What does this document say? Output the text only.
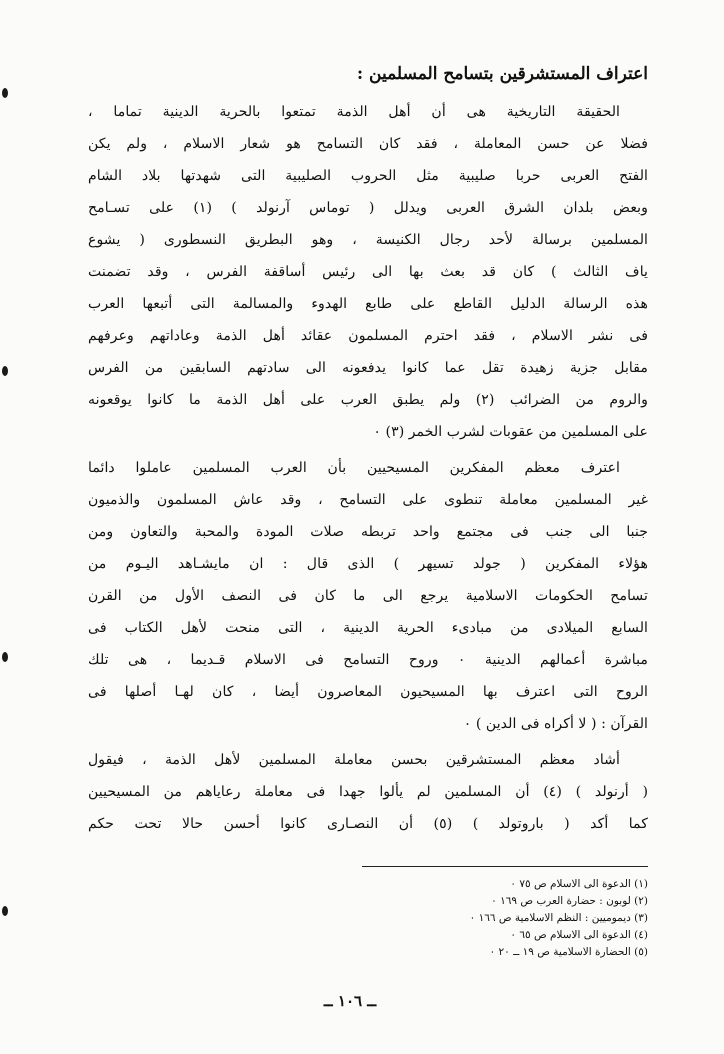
اعتراف المستشرقين بتسامح المسلمين :
الحقيقة التاريخية هى أن أهل الذمة تمتعوا بالحرية الدينية تماما ،
فضلا عن حسن المعاملة ، فقد كان التسامح هو شعار الاسلام ، ولم يكن
الفتح العربى حربا صليبية مثل الحروب الصليبية التى شهدتها بلاد الشام
وبعض بلدان الشرق العربى ويدلل ( توماس آرنولد ) (١) على تسـامح
المسلمين برسالة لأحد رجال الكنيسة ، وهو البطريق النسطورى ( يشوع
ياف الثالث ) كان قد بعث بها الى رئيس أساقفة الفرس ، وقد تضمنت
هذه الرسالة الدليل القاطع على طابع الهدوء والمسالمة التى أتبعها العرب
فى نشر الاسلام ، فقد احترم المسلمون عقائد أهل الذمة وعاداتهم وعرفهم
مقابل جزية زهيدة تقل عما كانوا يدفعونه الى سادتهم السابقين من الفرس
والروم من الضرائب (٢) ولم يطبق العرب على أهل الذمة ما كانوا يوقعونه
على المسلمين من عقوبات لشرب الخمر (٣) ٠
اعترف معظم المفكرين المسيحيين بأن العرب المسلمين عاملوا دائما
غير المسلمين معاملة تنطوى على التسامح ، وقد عاش المسلمون والذميون
جنبا الى جنب فى مجتمع واحد تربطه صلات المودة والمحبة والتعاون ومن
هؤلاء المفكرين ( جولد تسيهر ) الذى قال : ان مايشـاهد اليـوم من
تسامح الحكومات الاسلامية يرجع الى ما كان فى النصف الأول من القرن
السابع الميلادى من مبادىء الحرية الدينية ، التى منحت لأهل الكتاب فى
مباشرة أعمالهم الدينية ٠ وروح التسامح فى الاسلام قـديما ، هى تلك
الروح التى اعترف بها المسيحيون المعاصرون أيضا ، كان لهـا أصلها فى
القرآن : ( لا أكراه فى الدين ) ٠
أشاد معظم المستشرقين بحسن معاملة المسلمين لأهل الذمة ، فيقول
( أرنولد ) (٤) أن المسلمين لم يألوا جهدا فى معاملة رعاياهم من المسيحيين
كما أكد ( باروتولد ) (٥) أن النصـارى كانوا أحسن حالا تحت حكم
(١) الدعوة الى الاسلام ص ٧٥ ٠
(٢) لوبون : حضارة العرب ص ١٦٩ ٠
(٣) ديموميين : النظم الاسلامية ص ١٦٦ ٠
(٤) الدعوة الى الاسلام ص ٦٥ ٠
(٥) الحضارة الاسلامية ص ١٩ ــ ٢٠ ٠
ــ ١٠٦ ــ
